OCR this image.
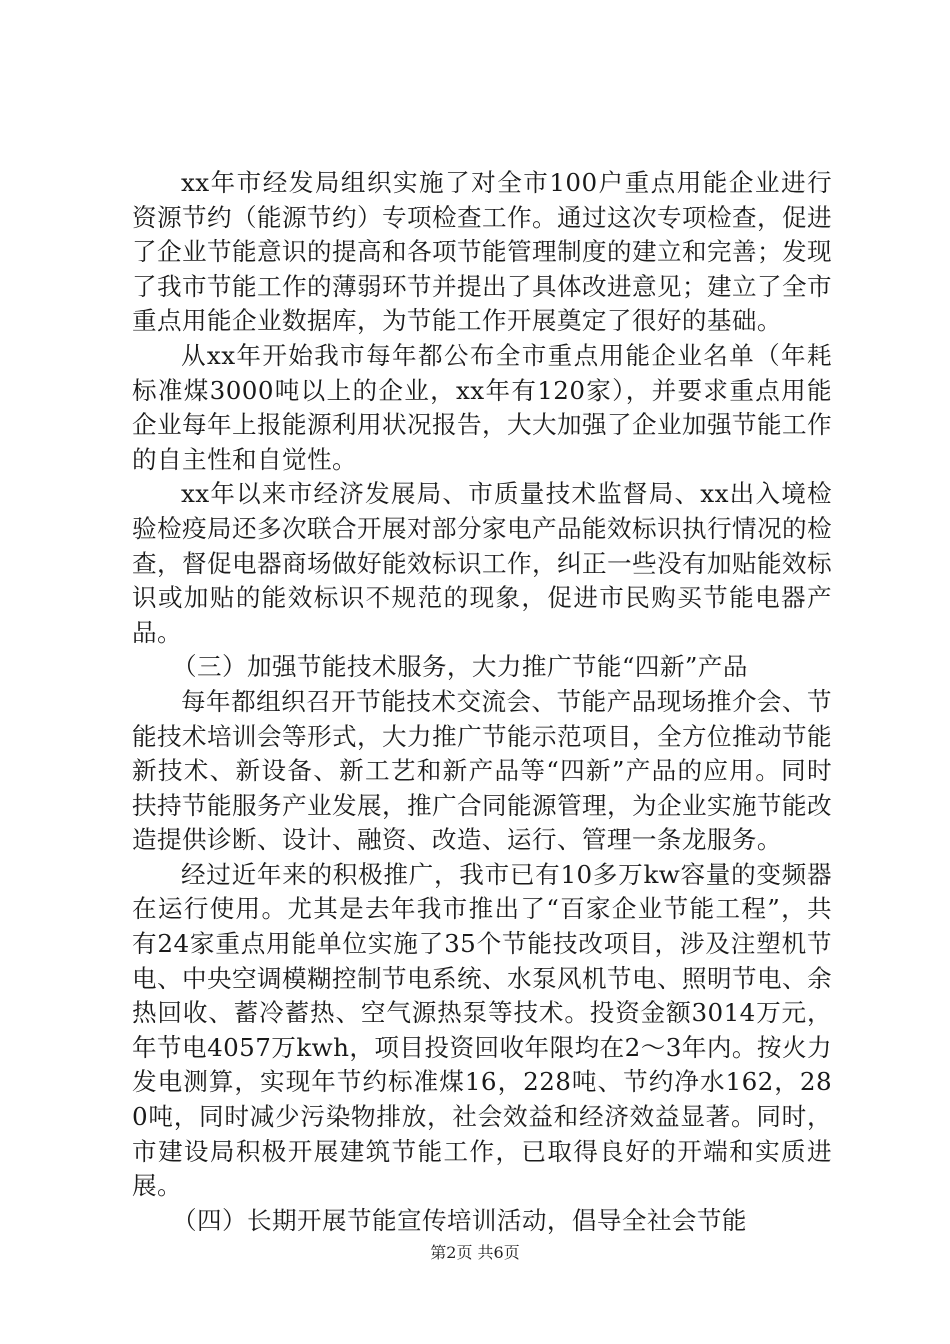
xx年市经发局组织实施了对全市100户重点用能企业进行资源节约（能源节约）专项检查工作。通过这次专项检查，促进了企业节能意识的提高和各项节能管理制度的建立和完善；发现了我市节能工作的薄弱环节并提出了具体改进意见；建立了全市重点用能企业数据库，为节能工作开展奠定了很好的基础。

从xx年开始我市每年都公布全市重点用能企业名单（年耗标准煤3000吨以上的企业，xx年有120家），并要求重点用能企业每年上报能源利用状况报告，大大加强了企业加强节能工作的自主性和自觉性。

xx年以来市经济发展局、市质量技术监督局、xx出入境检验检疫局还多次联合开展对部分家电产品能效标识执行情况的检查，督促电器商场做好能效标识工作，纠正一些没有加贴能效标识或加贴的能效标识不规范的现象，促进市民购买节能电器产品。

（三）加强节能技术服务，大力推广节能“四新”产品

每年都组织召开节能技术交流会、节能产品现场推介会、节能技术培训会等形式，大力推广节能示范项目，全方位推动节能新技术、新设备、新工艺和新产品等“四新”产品的应用。同时扶持节能服务产业发展，推广合同能源管理，为企业实施节能改造提供诊断、设计、融资、改造、运行、管理一条龙服务。

经过近年来的积极推广，我市已有10多万kw容量的变频器在运行使用。尤其是去年我市推出了“百家企业节能工程”，共有24家重点用能单位实施了35个节能技改项目，涉及注塑机节电、中央空调模糊控制节电系统、水泵风机节电、照明节电、余热回收、蓄冷蓄热、空气源热泵等技术。投资金额3014万元，年节电4057万kwh，项目投资回收年限均在2～3年内。按火力发电测算，实现年节约标准煤16，228吨、节约净水162，280吨，同时减少污染物排放，社会效益和经济效益显著。同时，市建设局积极开展建筑节能工作，已取得良好的开端和实质进展。

（四）长期开展节能宣传培训活动，倡导全社会节能

第2页 共6页
